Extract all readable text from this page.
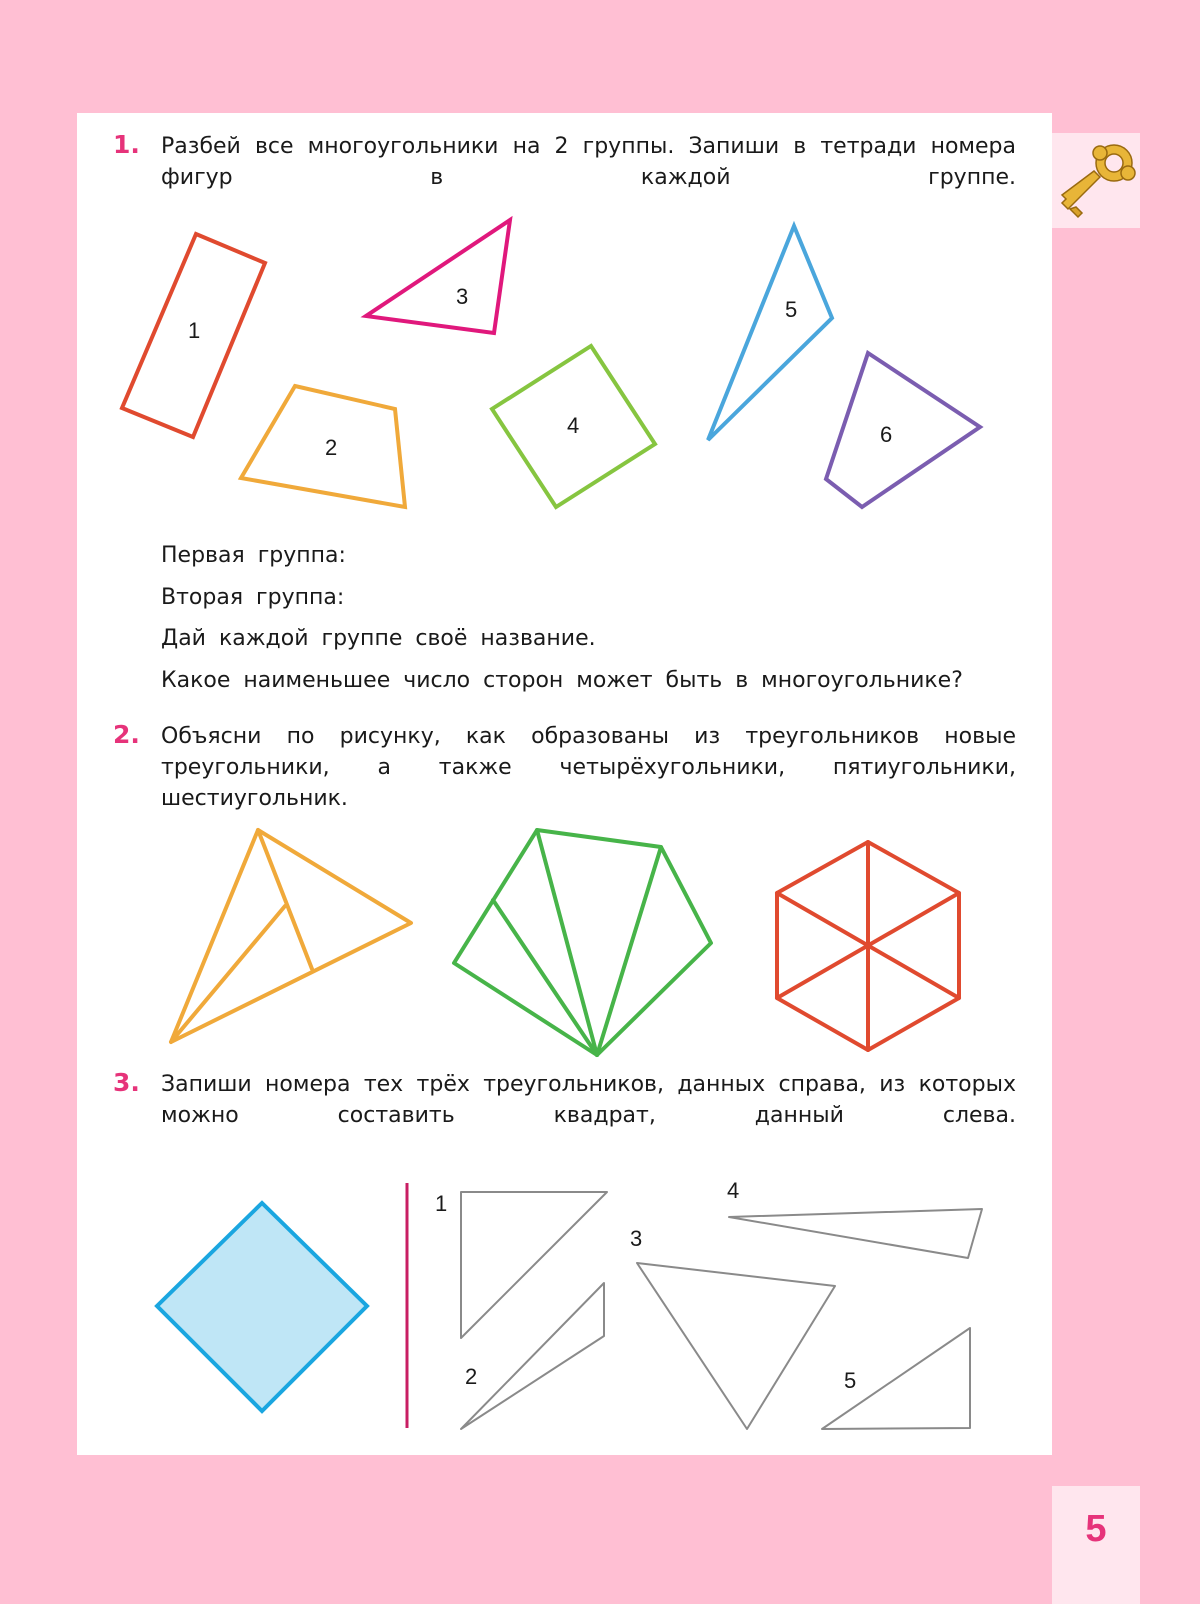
1. Разбей все многоугольники на 2 группы. Запиши в тетради номера фигур в каждой группе.
1
2
3
4
5
6
Первая группа:
Вторая группа:
Дай каждой группе своё название.
Какое наименьшее число сторон может быть в многоугольнике?
2. Объясни по рисунку, как образованы из треугольников новые треугольники, а также четырёхугольники, пятиугольники, шестиугольник.
3. Запиши номера тех трёх треугольников, данных справа, из которых можно составить квадрат, данный слева.
1
2
3
4
5
5
